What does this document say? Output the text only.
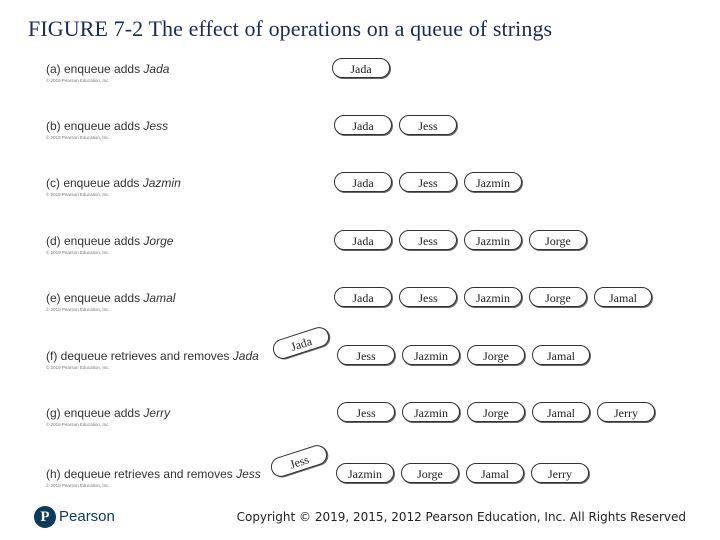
FIGURE 7-2 The effect of operations on a queue of strings
(a) enqueue adds Jada
© 2019 Pearson Education, Inc.
Jada
(b) enqueue adds Jess
© 2019 Pearson Education, Inc.
Jada	Jess
(c) enqueue adds Jazmin
© 2019 Pearson Education, Inc.
Jada	Jess	Jazmin
(d) enqueue adds Jorge
© 2019 Pearson Education, Inc.
Jada	Jess	Jazmin	Jorge
(e) enqueue adds Jamal
© 2019 Pearson Education, Inc.
Jada	Jess	Jazmin	Jorge	Jamal
(f) dequeue retrieves and removes Jada
© 2019 Pearson Education, Inc.
Jess	Jazmin	Jorge	Jamal
Jada
(g) enqueue adds Jerry
© 2019 Pearson Education, Inc.
Jess	Jazmin	Jorge	Jamal	Jerry
(h) dequeue retrieves and removes Jess
© 2019 Pearson Education, Inc.
Jazmin	Jorge	Jamal	Jerry
Jess
P Pearson	Copyright © 2019, 2015, 2012 Pearson Education, Inc. All Rights Reserved
